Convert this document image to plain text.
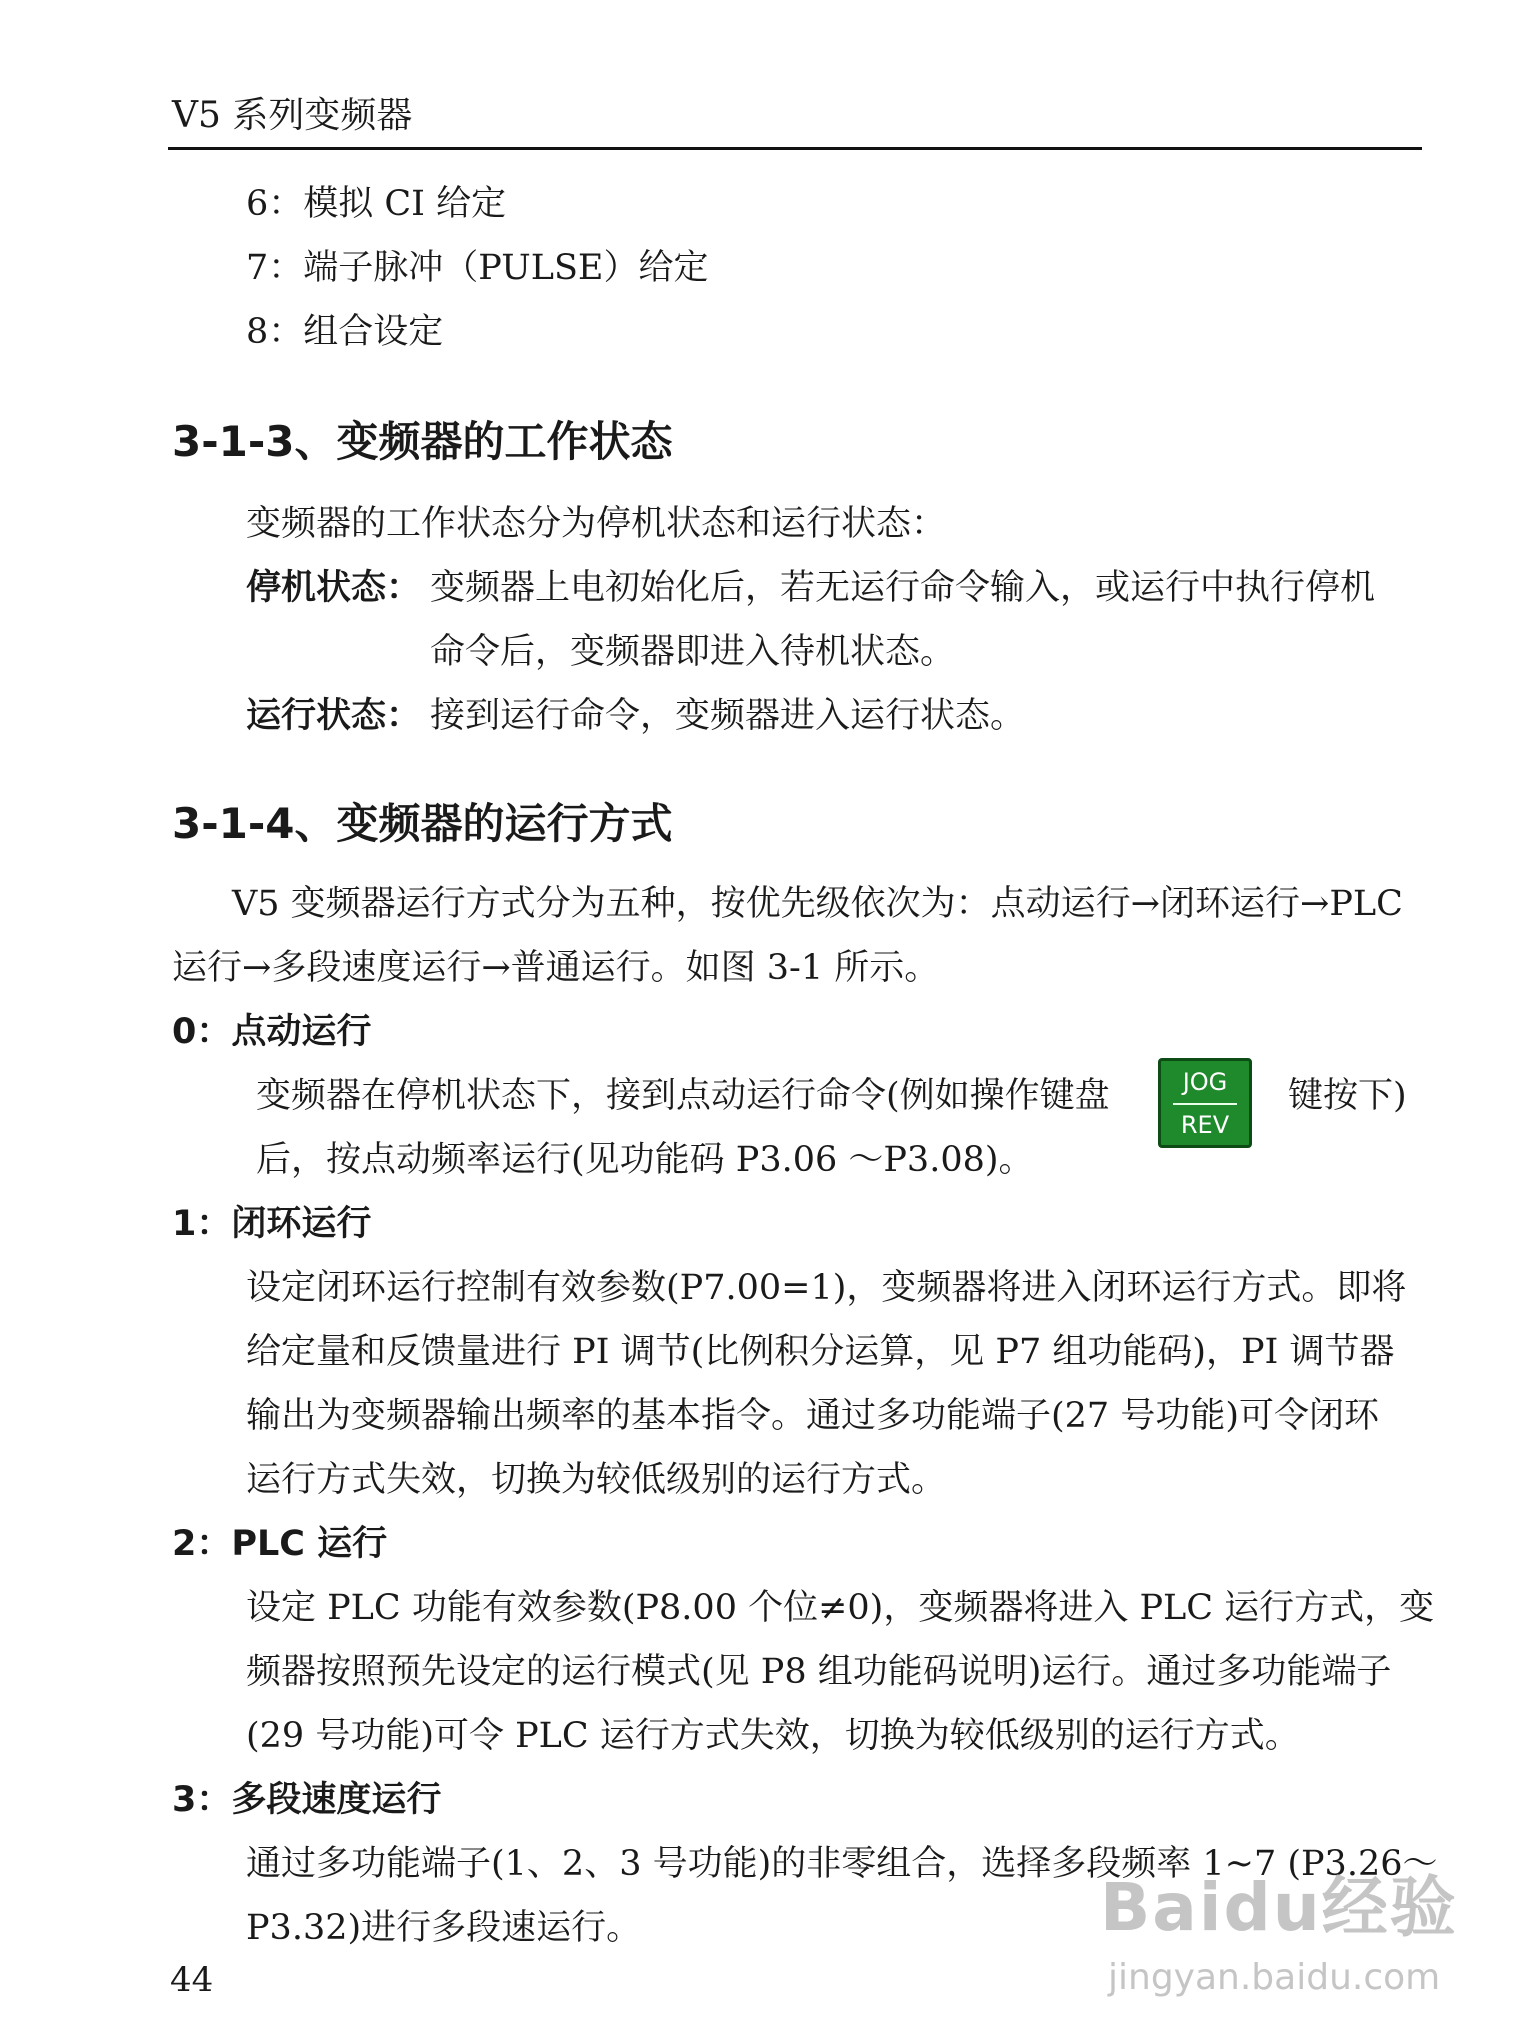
V5 系列变频器
6：模拟 CI 给定
7：端子脉冲（PULSE）给定
8：组合设定
3-1-3、变频器的工作状态
变频器的工作状态分为停机状态和运行状态：
停机状态： 变频器上电初始化后，若无运行命令输入，或运行中执行停机
命令后，变频器即进入待机状态。
运行状态： 接到运行命令，变频器进入运行状态。
3-1-4、变频器的运行方式
V5 变频器运行方式分为五种，按优先级依次为：点动运行→闭环运行→PLC
运行→多段速度运行→普通运行。如图 3-1 所示。
0：点动运行
变频器在停机状态下，接到点动运行命令(例如操作键盘	JOG
REV
键按下)
后，按点动频率运行(见功能码 P3.06 ～P3.08)。
1：闭环运行
设定闭环运行控制有效参数(P7.00=1)，变频器将进入闭环运行方式。即将
给定量和反馈量进行 PI 调节(比例积分运算，见 P7 组功能码)，PI 调节器
输出为变频器输出频率的基本指令。通过多功能端子(27 号功能)可令闭环
运行方式失效，切换为较低级别的运行方式。
2：PLC 运行
设定 PLC 功能有效参数(P8.00 个位≠0)，变频器将进入 PLC 运行方式，变
频器按照预先设定的运行模式(见 P8 组功能码说明)运行。通过多功能端子
(29 号功能)可令 PLC 运行方式失效，切换为较低级别的运行方式。
3：多段速度运行
通过多功能端子(1、2、3 号功能)的非零组合，选择多段频率 1~7 (P3.26～
P3.32)进行多段速运行。
44
Baidu经验
jingyan.baidu.com
